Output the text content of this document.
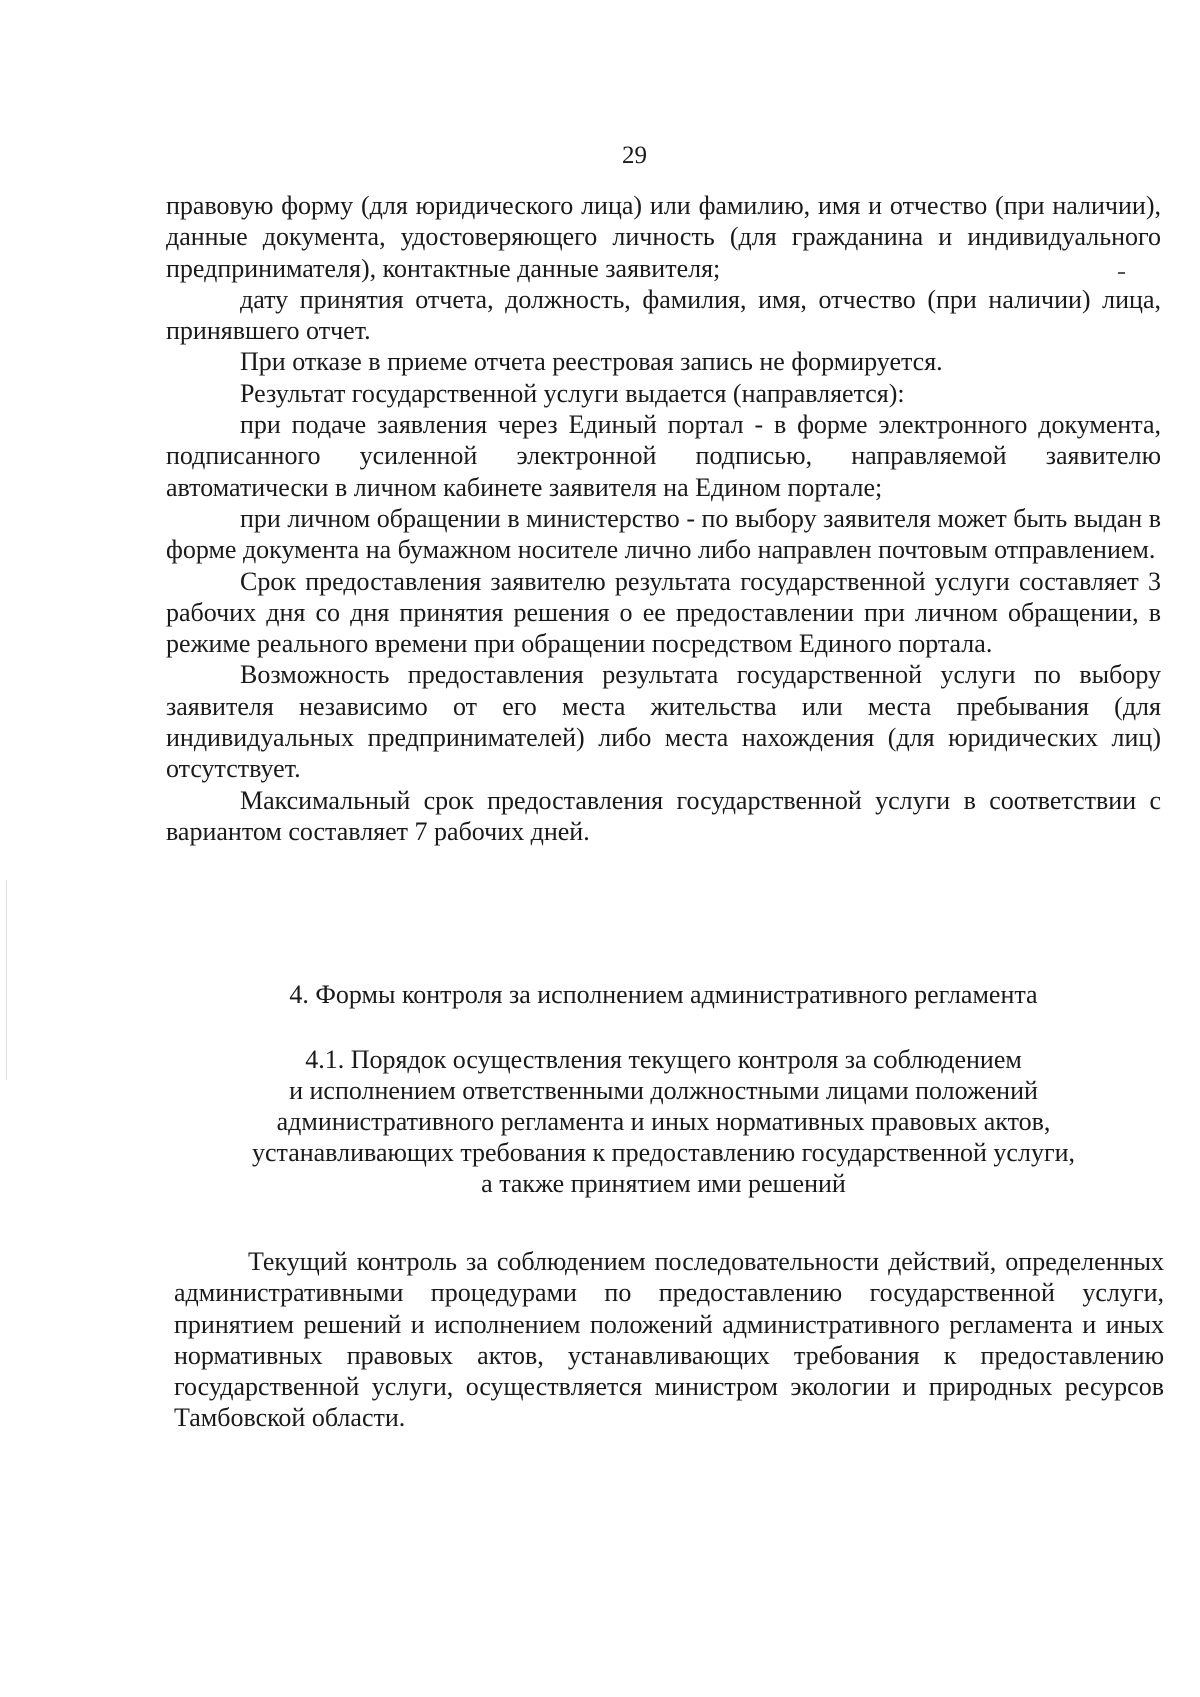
29

правовую форму (для юридического лица) или фамилию, имя и отчество (при наличии), данные документа, удостоверяющего личность (для гражданина и индивидуального предпринимателя), контактные данные заявителя;

дату принятия отчета, должность, фамилия, имя, отчество (при наличии) лица, принявшего отчет.

При отказе в приеме отчета реестровая запись не формируется.

Результат государственной услуги выдается (направляется):

при подаче заявления через Единый портал - в форме электронного документа, подписанного усиленной электронной подписью, направляемой заявителю автоматически в личном кабинете заявителя на Едином портале;

при личном обращении в министерство - по выбору заявителя может быть выдан в форме документа на бумажном носителе лично либо направлен почтовым отправлением.

Срок предоставления заявителю результата государственной услуги составляет 3 рабочих дня со дня принятия решения о ее предоставлении при личном обращении, в режиме реального времени при обращении посредством Единого портала.

Возможность предоставления результата государственной услуги по выбору заявителя независимо от его места жительства или места пребывания (для индивидуальных предпринимателей) либо места нахождения (для юридических лиц) отсутствует.

Максимальный срок предоставления государственной услуги в соответствии с вариантом составляет 7 рабочих дней.

4. Формы контроля за исполнением административного регламента
4.1. Порядок осуществления текущего контроля за соблюдением
и исполнением ответственными должностными лицами положений
административного регламента и иных нормативных правовых актов,
устанавливающих требования к предоставлению государственной услуги,
а также принятием ими решений

Текущий контроль за соблюдением последовательности действий, определенных административными процедурами по предоставлению государственной услуги, принятием решений и исполнением положений административного регламента и иных нормативных правовых актов, устанавливающих требования к предоставлению государственной услуги, осуществляется министром экологии и природных ресурсов Тамбовской области.
